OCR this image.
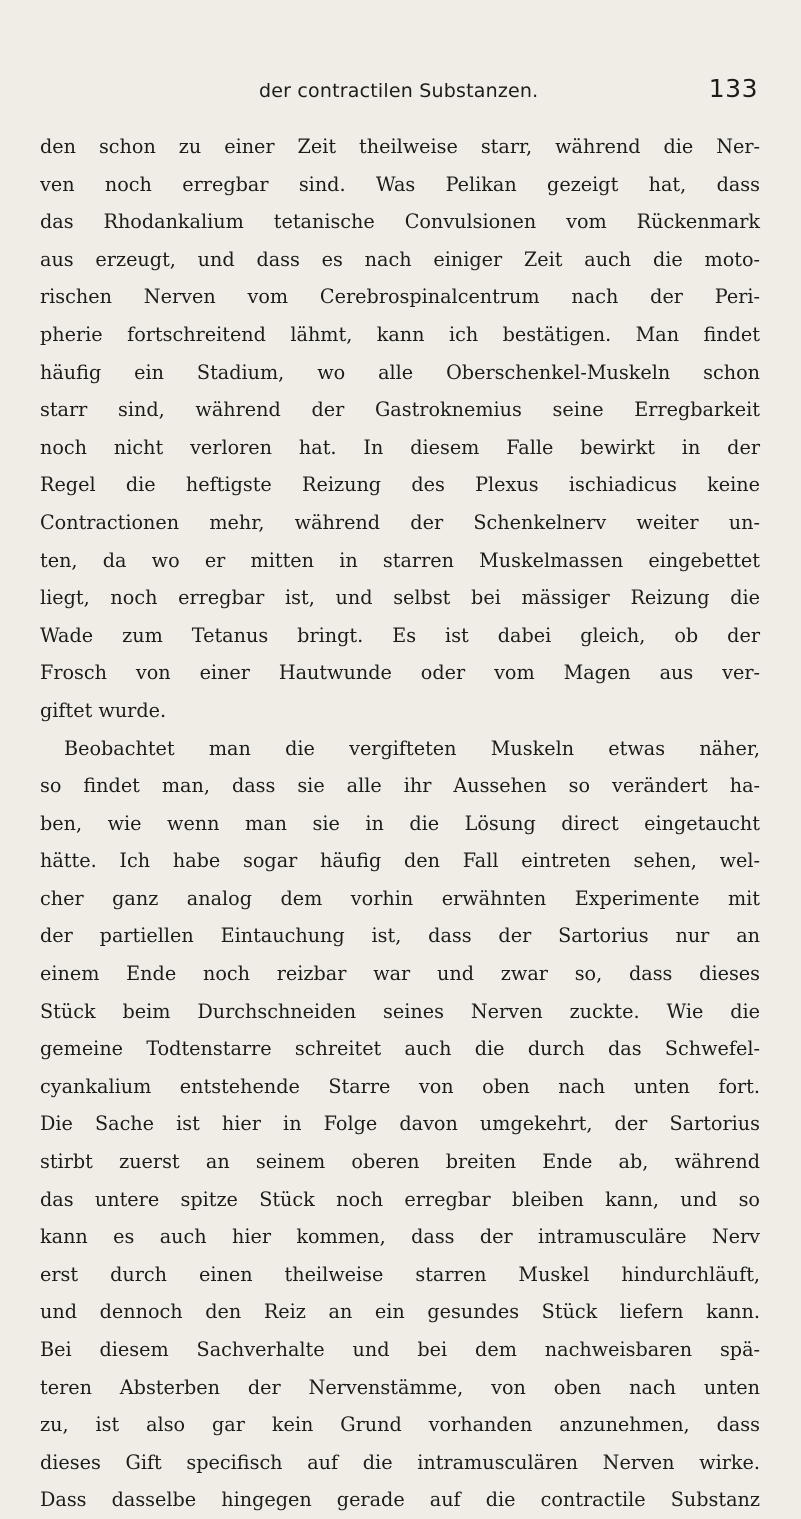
der contractilen Substanzen.	133
den schon zu einer Zeit theilweise starr, während die Ner-
ven noch erregbar sind. Was Pelikan gezeigt hat, dass
das Rhodankalium tetanische Convulsionen vom Rückenmark
aus erzeugt, und dass es nach einiger Zeit auch die moto-
rischen Nerven vom Cerebrospinalcentrum nach der Peri-
pherie fortschreitend lähmt, kann ich bestätigen. Man findet
häufig ein Stadium, wo alle Oberschenkel-Muskeln schon
starr sind, während der Gastroknemius seine Erregbarkeit
noch nicht verloren hat. In diesem Falle bewirkt in der
Regel die heftigste Reizung des Plexus ischiadicus keine
Contractionen mehr, während der Schenkelnerv weiter un-
ten, da wo er mitten in starren Muskelmassen eingebettet
liegt, noch erregbar ist, und selbst bei mässiger Reizung die
Wade zum Tetanus bringt. Es ist dabei gleich, ob der
Frosch von einer Hautwunde oder vom Magen aus ver-
giftet wurde.
Beobachtet man die vergifteten Muskeln etwas näher,
so findet man, dass sie alle ihr Aussehen so verändert ha-
ben, wie wenn man sie in die Lösung direct eingetaucht
hätte. Ich habe sogar häufig den Fall eintreten sehen, wel-
cher ganz analog dem vorhin erwähnten Experimente mit
der partiellen Eintauchung ist, dass der Sartorius nur an
einem Ende noch reizbar war und zwar so, dass dieses
Stück beim Durchschneiden seines Nerven zuckte. Wie die
gemeine Todtenstarre schreitet auch die durch das Schwefel-
cyankalium entstehende Starre von oben nach unten fort.
Die Sache ist hier in Folge davon umgekehrt, der Sartorius
stirbt zuerst an seinem oberen breiten Ende ab, während
das untere spitze Stück noch erregbar bleiben kann, und so
kann es auch hier kommen, dass der intramusculäre Nerv
erst durch einen theilweise starren Muskel hindurchläuft,
und dennoch den Reiz an ein gesundes Stück liefern kann.
Bei diesem Sachverhalte und bei dem nachweisbaren spä-
teren Absterben der Nervenstämme, von oben nach unten
zu, ist also gar kein Grund vorhanden anzunehmen, dass
dieses Gift specifisch auf die intramusculären Nerven wirke.
Dass dasselbe hingegen gerade auf die contractile Substanz
